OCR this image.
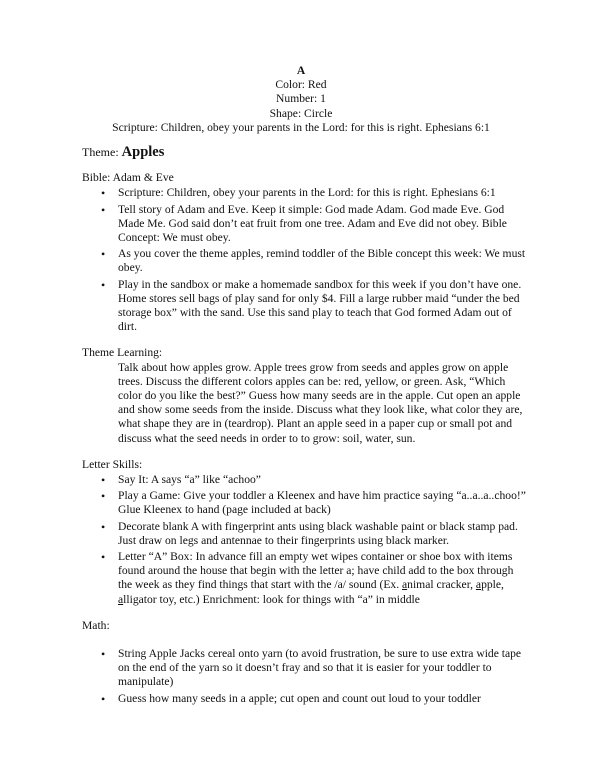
A
Color: Red
Number: 1
Shape: Circle
Scripture: Children, obey your parents in the Lord: for this is right. Ephesians 6:1
Theme: Apples
Bible: Adam & Eve
• Scripture: Children, obey your parents in the Lord: for this is right. Ephesians 6:1
• Tell story of Adam and Eve. Keep it simple: God made Adam. God made Eve. God Made Me. God said don’t eat fruit from one tree. Adam and Eve did not obey. Bible Concept: We must obey.
• As you cover the theme apples, remind toddler of the Bible concept this week: We must obey.
• Play in the sandbox or make a homemade sandbox for this week if you don’t have one. Home stores sell bags of play sand for only $4. Fill a large rubber maid “under the bed storage box” with the sand. Use this sand play to teach that God formed Adam out of dirt.
Theme Learning:
Talk about how apples grow. Apple trees grow from seeds and apples grow on apple trees. Discuss the different colors apples can be: red, yellow, or green. Ask, “Which color do you like the best?” Guess how many seeds are in the apple. Cut open an apple and show some seeds from the inside. Discuss what they look like, what color they are, what shape they are in (teardrop). Plant an apple seed in a paper cup or small pot and discuss what the seed needs in order to to grow: soil, water, sun.
Letter Skills:
• Say It: A says “a” like “achoo”
• Play a Game: Give your toddler a Kleenex and have him practice saying “a..a..a..choo!” Glue Kleenex to hand (page included at back)
• Decorate blank A with fingerprint ants using black washable paint or black stamp pad. Just draw on legs and antennae to their fingerprints using black marker.
• Letter “A” Box: In advance fill an empty wet wipes container or shoe box with items found around the house that begin with the letter a; have child add to the box through the week as they find things that start with the /a/ sound (Ex. animal cracker, apple, alligator toy, etc.) Enrichment: look for things with “a” in middle
Math:
• String Apple Jacks cereal onto yarn (to avoid frustration, be sure to use extra wide tape on the end of the yarn so it doesn’t fray and so that it is easier for your toddler to manipulate)
• Guess how many seeds in a apple; cut open and count out loud to your toddler
